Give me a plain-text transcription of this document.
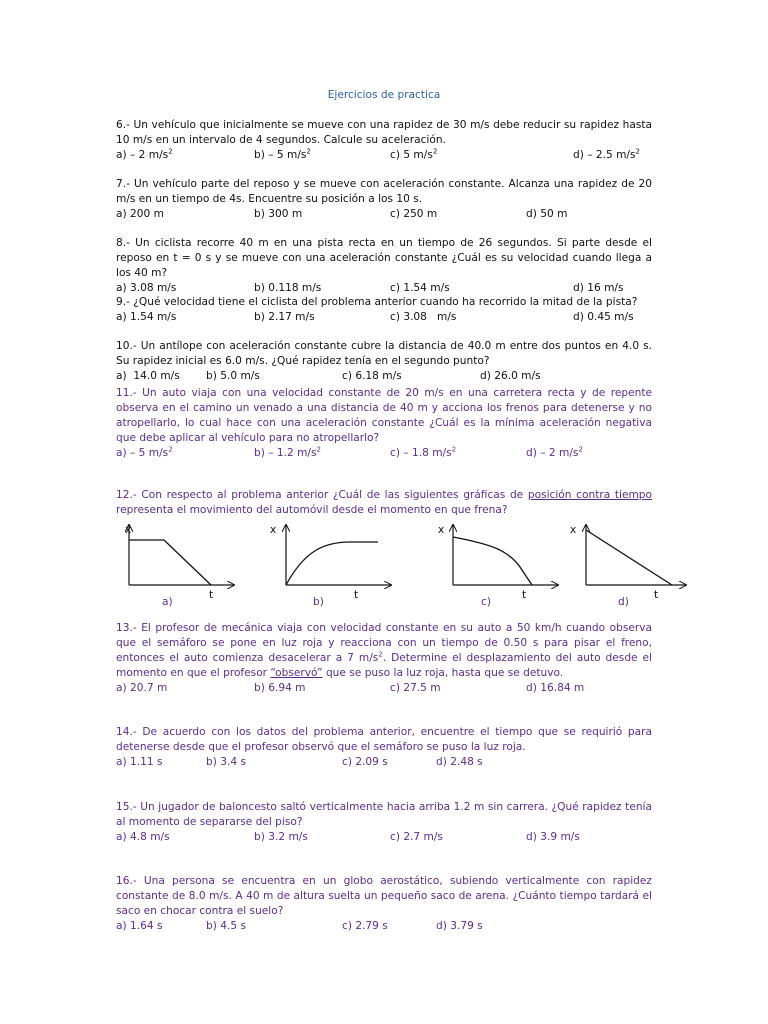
Ejercicios de practica

6.- Un vehículo que inicialmente se mueve con una rapidez de 30 m/s debe reducir su rapidez hasta 10 m/s en un intervalo de 4 segundos. Calcule su aceleración.

a) – 2 $m/s^2$	b) – 5 $m/s^2$	c) 5 $m/s^2$	d) – 2.5 $m/s^2$

7.- Un vehículo parte del reposo y se mueve con aceleración constante. Alcanza una rapidez de 20 m/s en un tiempo de 4s. Encuentre su posición a los 10 s.

a) 200 m	b) 300 m	c) 250 m	d) 50 m

8.- Un ciclista recorre 40 m en una pista recta en un tiempo de 26 segundos. Si parte desde el reposo en t = 0 s y se mueve con una aceleración constante ¿Cuál es su velocidad cuando llega a los 40 m?

a) 3.08 m/s	b) 0.118 m/s	c) 1.54 m/s	d) 16 m/s

9.- ¿Qué velocidad tiene el ciclista del problema anterior cuando ha recorrido la mitad de la pista?

a) 1.54 m/s	b) 2.17 m/s	c) 3.08   m/s	d) 0.45 m/s

10.- Un antílope con aceleración constante cubre la distancia de 40.0 m entre dos puntos en 4.0 s. Su rapidez inicial es 6.0 m/s. ¿Qué rapidez tenía en el segundo punto?

a)  14.0 m/s b) 5.0 m/s	c) 6.18 m/s	d) 26.0 m/s

11.- Un auto viaja con una velocidad constante de 20 m/s en una carretera recta y de repente observa en el camino un venado a una distancia de 40 m y acciona los frenos para detenerse y no atropellarlo, lo cual hace con una aceleración constante ¿Cuál es la mínima aceleración negativa que debe aplicar al vehículo para no atropellarlo?

a) – 5 $m/s^2$	b) – 1.2 $m/s^2$	c) – 1.8 $m/s^2$	d) – 2 $m/s^2$

12.- Con respecto al problema anterior ¿Cuál de las siguientes gráficas de posición contra tiempo representa el movimiento del automóvil desde el momento en que frena?

x
t
a)
x
t
b)
x
t
c)
x
t
d)

13.- El profesor de mecánica viaja con velocidad constante en su auto a 50 km/h cuando observa que el semáforo se pone en luz roja y reacciona con un tiempo de 0.50 s para pisar el freno, entonces el auto comienza desacelerar a 7 $m/s^2$. Determine el desplazamiento del auto desde el momento en que el profesor “observó” que se puso la luz roja, hasta que se detuvo.

a) 20.7 m	b) 6.94 m	c) 27.5 m	d) 16.84 m

14.- De acuerdo con los datos del problema anterior, encuentre el tiempo que se requirió para detenerse desde que el profesor observó que el semáforo se puso la luz roja.

a) 1.11 s	b) 3.4 s	c) 2.09 s	d) 2.48 s

15.- Un jugador de baloncesto saltó verticalmente hacia arriba 1.2 m sin carrera. ¿Qué rapidez tenía al momento de separarse del piso?

a) 4.8 m/s	b) 3.2 m/s	c) 2.7 m/s	d) 3.9 m/s

16.- Una persona se encuentra en un globo aerostático, subiendo verticalmente con rapidez constante de 8.0 m/s. A 40 m de altura suelta un pequeño saco de arena. ¿Cuánto tiempo tardará el saco en chocar contra el suelo?

a) 1.64 s	b) 4.5 s	c) 2.79 s	d) 3.79 s
